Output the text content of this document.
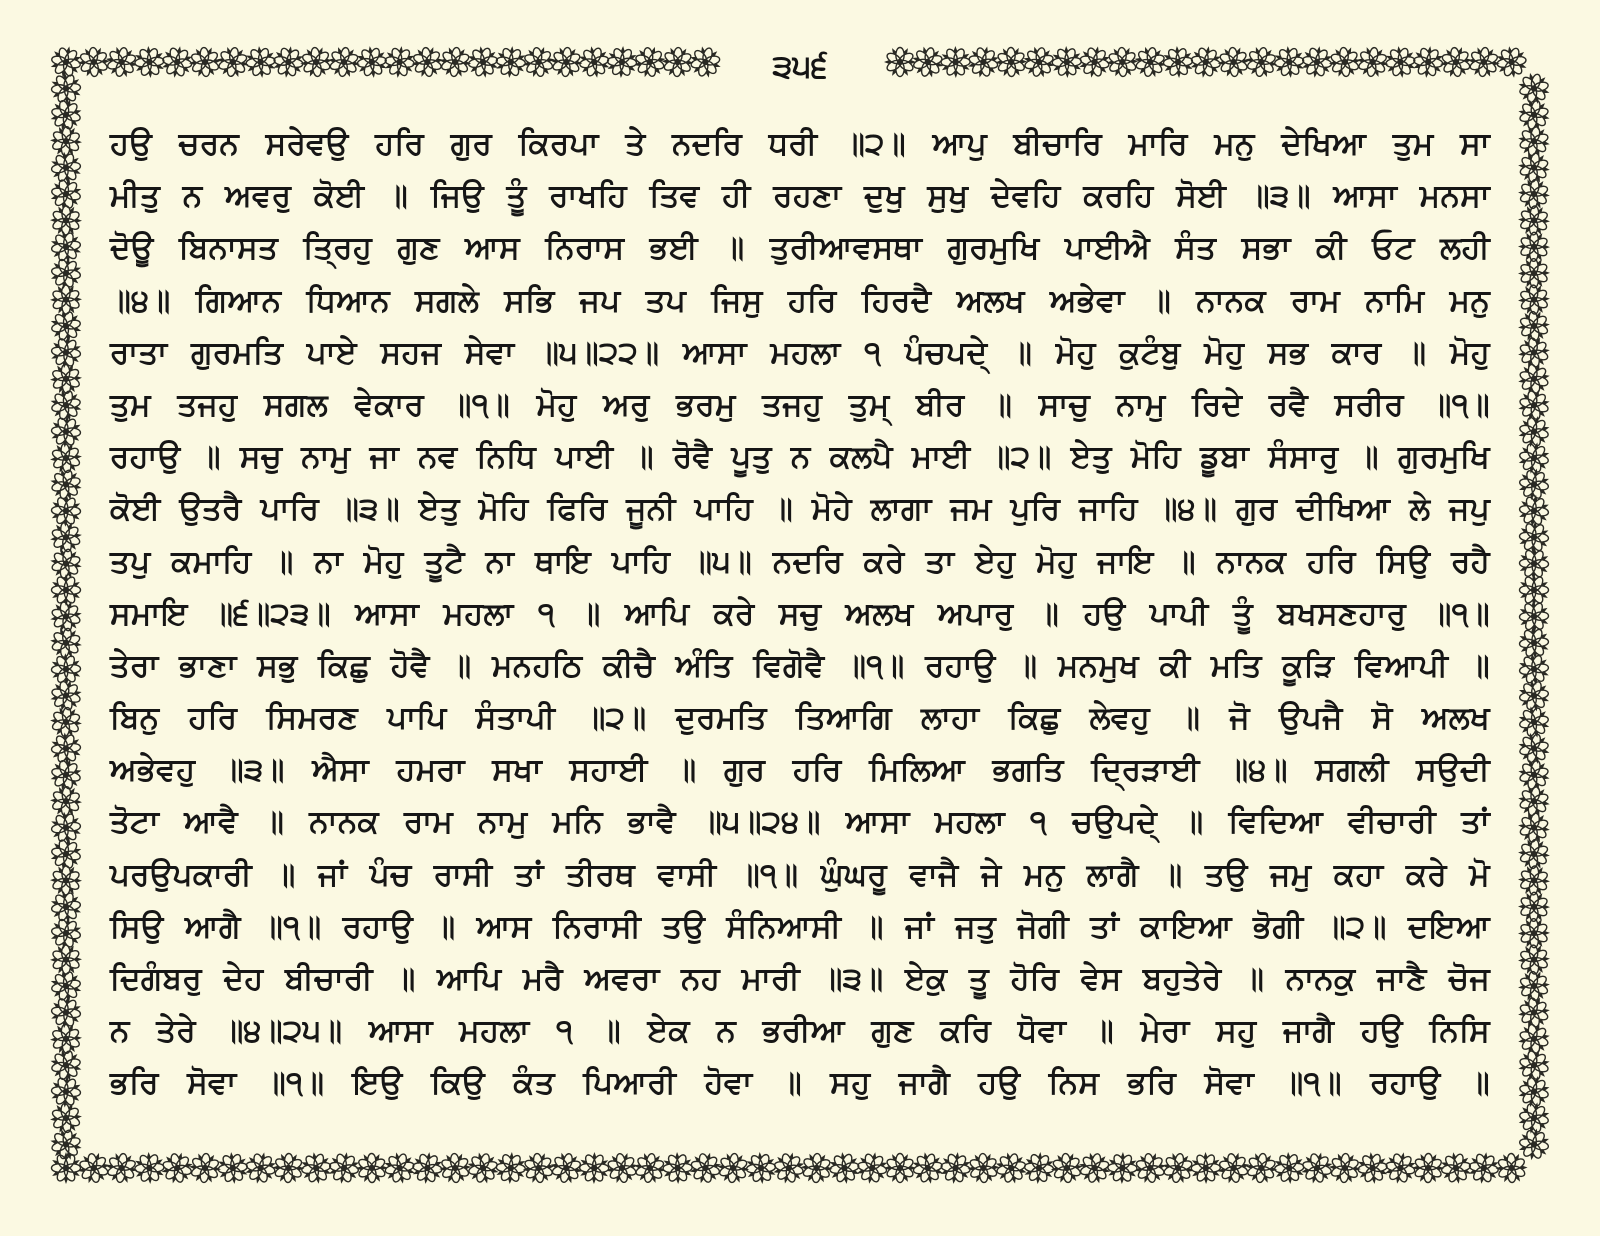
੩੫੬
ਹਉ ਚਰਨ ਸਰੇਵਉ ਹਰਿ ਗੁਰ ਕਿਰਪਾ ਤੇ ਨਦਰਿ ਧਰੀ ॥੨॥ ਆਪੁ ਬੀਚਾਰਿ ਮਾਰਿ ਮਨੁ ਦੇਖਿਆ ਤੁਮ ਸਾ
ਮੀਤੁ ਨ ਅਵਰੁ ਕੋਈ ॥ ਜਿਉ ਤੂੰ ਰਾਖਹਿ ਤਿਵ ਹੀ ਰਹਣਾ ਦੁਖੁ ਸੁਖੁ ਦੇਵਹਿ ਕਰਹਿ ਸੋਈ ॥੩॥ ਆਸਾ ਮਨਸਾ
ਦੋਊ ਬਿਨਾਸਤ ਤ੍ਰਿਹੁ ਗੁਣ ਆਸ ਨਿਰਾਸ ਭਈ ॥ ਤੁਰੀਆਵਸਥਾ ਗੁਰਮੁਖਿ ਪਾਈਐ ਸੰਤ ਸਭਾ ਕੀ ਓਟ ਲਹੀ
॥੪॥ ਗਿਆਨ ਧਿਆਨ ਸਗਲੇ ਸਭਿ ਜਪ ਤਪ ਜਿਸੁ ਹਰਿ ਹਿਰਦੈ ਅਲਖ ਅਭੇਵਾ ॥ ਨਾਨਕ ਰਾਮ ਨਾਮਿ ਮਨੁ
ਰਾਤਾ ਗੁਰਮਤਿ ਪਾਏ ਸਹਜ ਸੇਵਾ ॥੫॥੨੨॥ ਆਸਾ ਮਹਲਾ ੧ ਪੰਚਪਦੇ੍ ॥ ਮੋਹੁ ਕੁਟੰਬੁ ਮੋਹੁ ਸਭ ਕਾਰ ॥ ਮੋਹੁ
ਤੁਮ ਤਜਹੁ ਸਗਲ ਵੇਕਾਰ ॥੧॥ ਮੋਹੁ ਅਰੁ ਭਰਮੁ ਤਜਹੁ ਤੁਮ੍ ਬੀਰ ॥ ਸਾਚੁ ਨਾਮੁ ਰਿਦੇ ਰਵੈ ਸਰੀਰ ॥੧॥
ਰਹਾਉ ॥ ਸਚੁ ਨਾਮੁ ਜਾ ਨਵ ਨਿਧਿ ਪਾਈ ॥ ਰੋਵੈ ਪੂਤੁ ਨ ਕਲਪੈ ਮਾਈ ॥੨॥ ਏਤੁ ਮੋਹਿ ਡੂਬਾ ਸੰਸਾਰੁ ॥ ਗੁਰਮੁਖਿ
ਕੋਈ ਉਤਰੈ ਪਾਰਿ ॥੩॥ ਏਤੁ ਮੋਹਿ ਫਿਰਿ ਜੂਨੀ ਪਾਹਿ ॥ ਮੋਹੇ ਲਾਗਾ ਜਮ ਪੁਰਿ ਜਾਹਿ ॥੪॥ ਗੁਰ ਦੀਖਿਆ ਲੇ ਜਪੁ
ਤਪੁ ਕਮਾਹਿ ॥ ਨਾ ਮੋਹੁ ਤੂਟੈ ਨਾ ਥਾਇ ਪਾਹਿ ॥੫॥ ਨਦਰਿ ਕਰੇ ਤਾ ਏਹੁ ਮੋਹੁ ਜਾਇ ॥ ਨਾਨਕ ਹਰਿ ਸਿਉ ਰਹੈ
ਸਮਾਇ ॥੬॥੨੩॥ ਆਸਾ ਮਹਲਾ ੧ ॥ ਆਪਿ ਕਰੇ ਸਚੁ ਅਲਖ ਅਪਾਰੁ ॥ ਹਉ ਪਾਪੀ ਤੂੰ ਬਖਸਣਹਾਰੁ ॥੧॥
ਤੇਰਾ ਭਾਣਾ ਸਭੁ ਕਿਛੁ ਹੋਵੈ ॥ ਮਨਹਠਿ ਕੀਚੈ ਅੰਤਿ ਵਿਗੋਵੈ ॥੧॥ ਰਹਾਉ ॥ ਮਨਮੁਖ ਕੀ ਮਤਿ ਕੂੜਿ ਵਿਆਪੀ ॥
ਬਿਨੁ ਹਰਿ ਸਿਮਰਣ ਪਾਪਿ ਸੰਤਾਪੀ ॥੨॥ ਦੁਰਮਤਿ ਤਿਆਗਿ ਲਾਹਾ ਕਿਛੁ ਲੇਵਹੁ ॥ ਜੋ ਉਪਜੈ ਸੋ ਅਲਖ
ਅਭੇਵਹੁ ॥੩॥ ਐਸਾ ਹਮਰਾ ਸਖਾ ਸਹਾਈ ॥ ਗੁਰ ਹਰਿ ਮਿਲਿਆ ਭਗਤਿ ਦ੍ਰਿੜਾਈ ॥੪॥ ਸਗਲੀ ਸਉਦੀ
ਤੋਟਾ ਆਵੈ ॥ ਨਾਨਕ ਰਾਮ ਨਾਮੁ ਮਨਿ ਭਾਵੈ ॥੫॥੨੪॥ ਆਸਾ ਮਹਲਾ ੧ ਚਉਪਦੇ੍ ॥ ਵਿਦਿਆ ਵੀਚਾਰੀ ਤਾਂ
ਪਰਉਪਕਾਰੀ ॥ ਜਾਂ ਪੰਚ ਰਾਸੀ ਤਾਂ ਤੀਰਥ ਵਾਸੀ ॥੧॥ ਘੁੰਘਰੂ ਵਾਜੈ ਜੇ ਮਨੁ ਲਾਗੈ ॥ ਤਉ ਜਮੁ ਕਹਾ ਕਰੇ ਮੋ
ਸਿਉ ਆਗੈ ॥੧॥ ਰਹਾਉ ॥ ਆਸ ਨਿਰਾਸੀ ਤਉ ਸੰਨਿਆਸੀ ॥ ਜਾਂ ਜਤੁ ਜੋਗੀ ਤਾਂ ਕਾਇਆ ਭੋਗੀ ॥੨॥ ਦਇਆ
ਦਿਗੰਬਰੁ ਦੇਹ ਬੀਚਾਰੀ ॥ ਆਪਿ ਮਰੈ ਅਵਰਾ ਨਹ ਮਾਰੀ ॥੩॥ ਏਕੁ ਤੂ ਹੋਰਿ ਵੇਸ ਬਹੁਤੇਰੇ ॥ ਨਾਨਕੁ ਜਾਣੈ ਚੋਜ
ਨ ਤੇਰੇ ॥੪॥੨੫॥ ਆਸਾ ਮਹਲਾ ੧ ॥ ਏਕ ਨ ਭਰੀਆ ਗੁਣ ਕਰਿ ਧੋਵਾ ॥ ਮੇਰਾ ਸਹੁ ਜਾਗੈ ਹਉ ਨਿਸਿ
ਭਰਿ ਸੋਵਾ ॥੧॥ ਇਉ ਕਿਉ ਕੰਤ ਪਿਆਰੀ ਹੋਵਾ ॥ ਸਹੁ ਜਾਗੈ ਹਉ ਨਿਸ ਭਰਿ ਸੋਵਾ ॥੧॥ ਰਹਾਉ ॥
